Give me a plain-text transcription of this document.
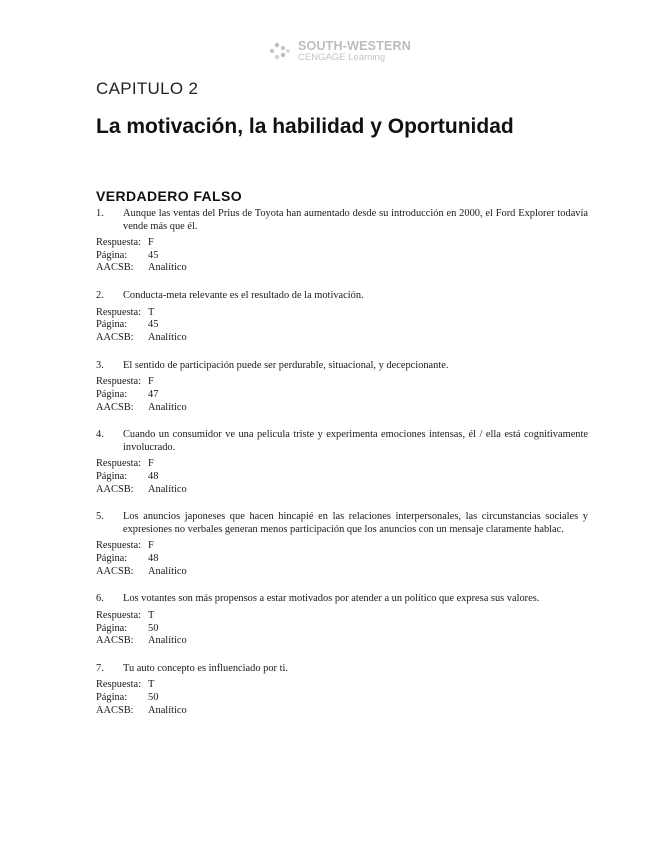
SOUTH-WESTERN
CENGAGE Learning
CAPITULO 2
La motivación, la habilidad y Oportunidad
VERDADERO FALSO
1.	Aunque las ventas del Prius de Toyota han aumentado desde su introducción en 2000, el Ford Explorer todavía vende más que él.
Respuesta: F
Página:	45
AACSB:	Analítico
2.	Conducta-meta relevante es el resultado de la motivación.
Respuesta: T
Página:	45
AACSB:	Analítico
3.	El sentido de participación puede ser perdurable, situacional, y decepcionante.
Respuesta: F
Página:	47
AACSB:	Analítico
4.	Cuando un consumidor ve una película triste y experimenta emociones intensas, él / ella está cognitivamente involucrado.
Respuesta: F
Página:	48
AACSB:	Analítico
5.	Los anuncios japoneses que hacen hincapié en las relaciones interpersonales, las circunstancias sociales y expresiones no verbales generan menos participación que los anuncios con un mensaje claramente hablac.
Respuesta: F
Página:	48
AACSB:	Analítico
6.	Los votantes son más propensos a estar motivados por atender a un político que expresa sus valores.
Respuesta: T
Página:	50
AACSB:	Analítico
7.	Tu auto concepto es influenciado por ti.
Respuesta: T
Página:	50
AACSB:	Analítico
